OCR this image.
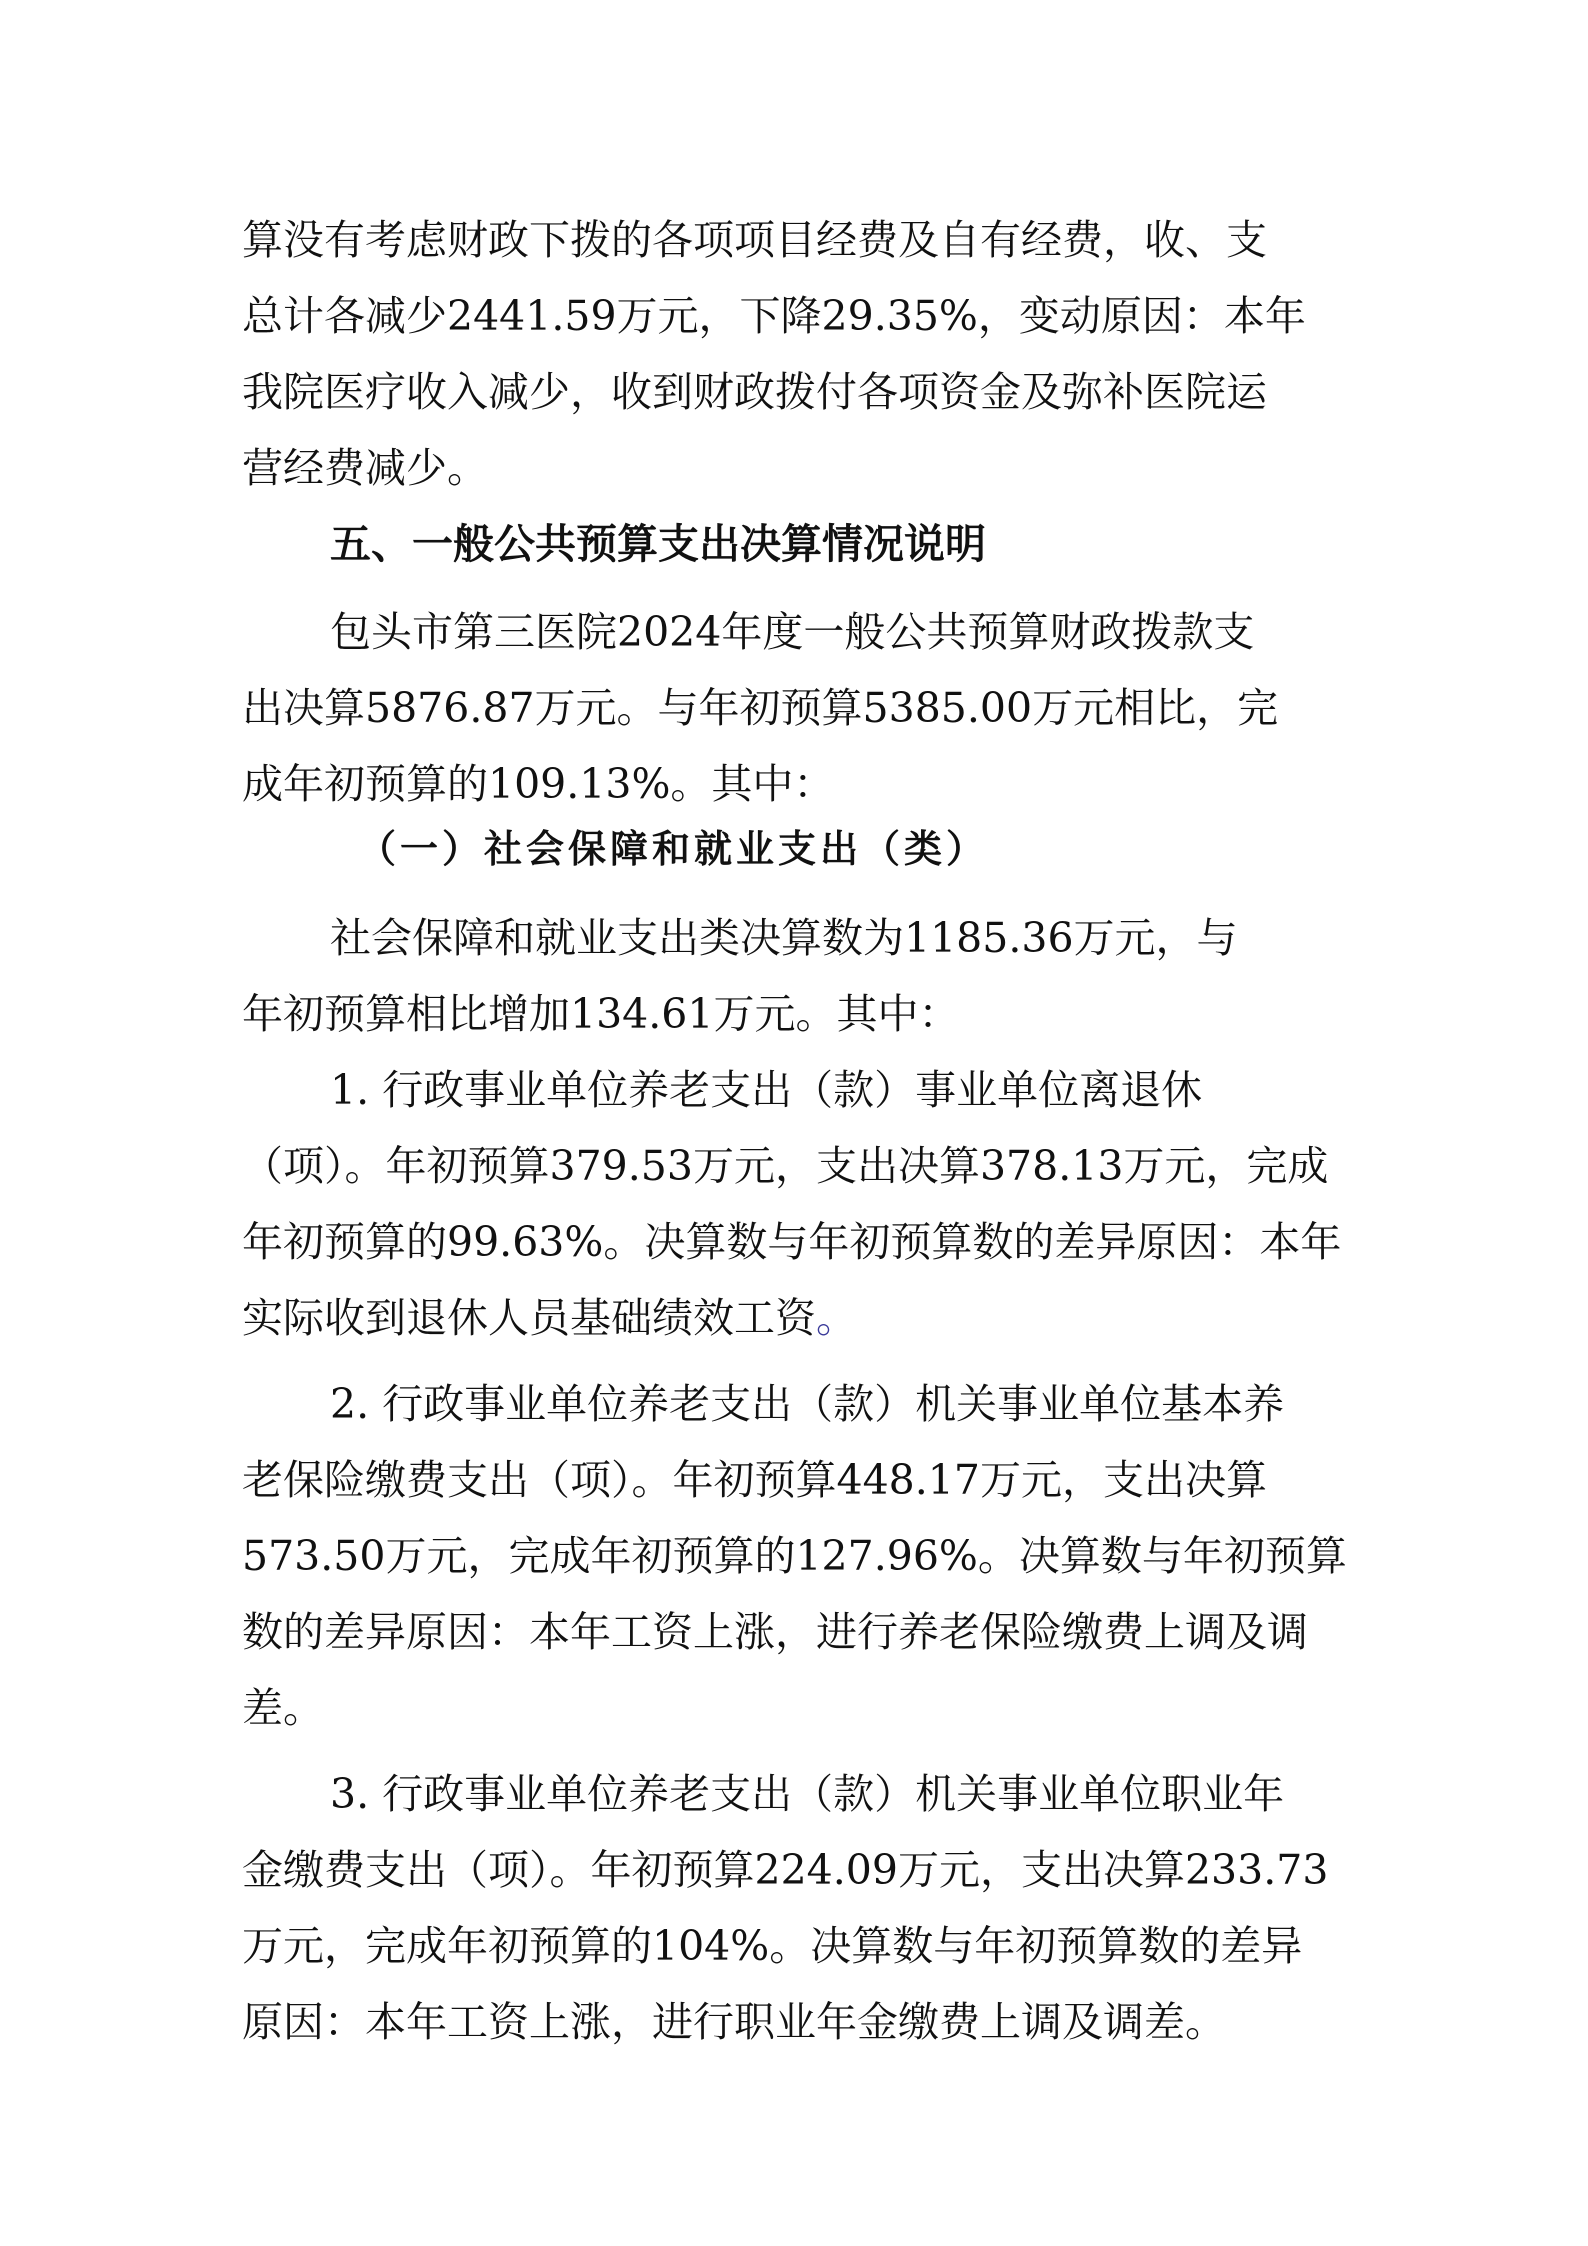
算没有考虑财政下拨的各项项目经费及自有经费，收、支
总计各减少2441.59万元，下降29.35%，变动原因：本年
我院医疗收入减少，收到财政拨付各项资金及弥补医院运
营经费减少。
五、一般公共预算支出决算情况说明
包头市第三医院2024年度一般公共预算财政拨款支
出决算5876.87万元。与年初预算5385.00万元相比，完
成年初预算的109.13%。其中：
（一）社会保障和就业支出（类）
社会保障和就业支出类决算数为1185.36万元，与
年初预算相比增加134.61万元。其中：
1. 行政事业单位养老支出（款）事业单位离退休
（项）。年初预算379.53万元，支出决算378.13万元，完成
年初预算的99.63%。决算数与年初预算数的差异原因：本年
实际收到退休人员基础绩效工资。
2. 行政事业单位养老支出（款）机关事业单位基本养
老保险缴费支出（项）。年初预算448.17万元，支出决算
573.50万元，完成年初预算的127.96%。决算数与年初预算
数的差异原因：本年工资上涨，进行养老保险缴费上调及调
差。
3. 行政事业单位养老支出（款）机关事业单位职业年
金缴费支出（项）。年初预算224.09万元，支出决算233.73
万元，完成年初预算的104%。决算数与年初预算数的差异
原因：本年工资上涨，进行职业年金缴费上调及调差。
